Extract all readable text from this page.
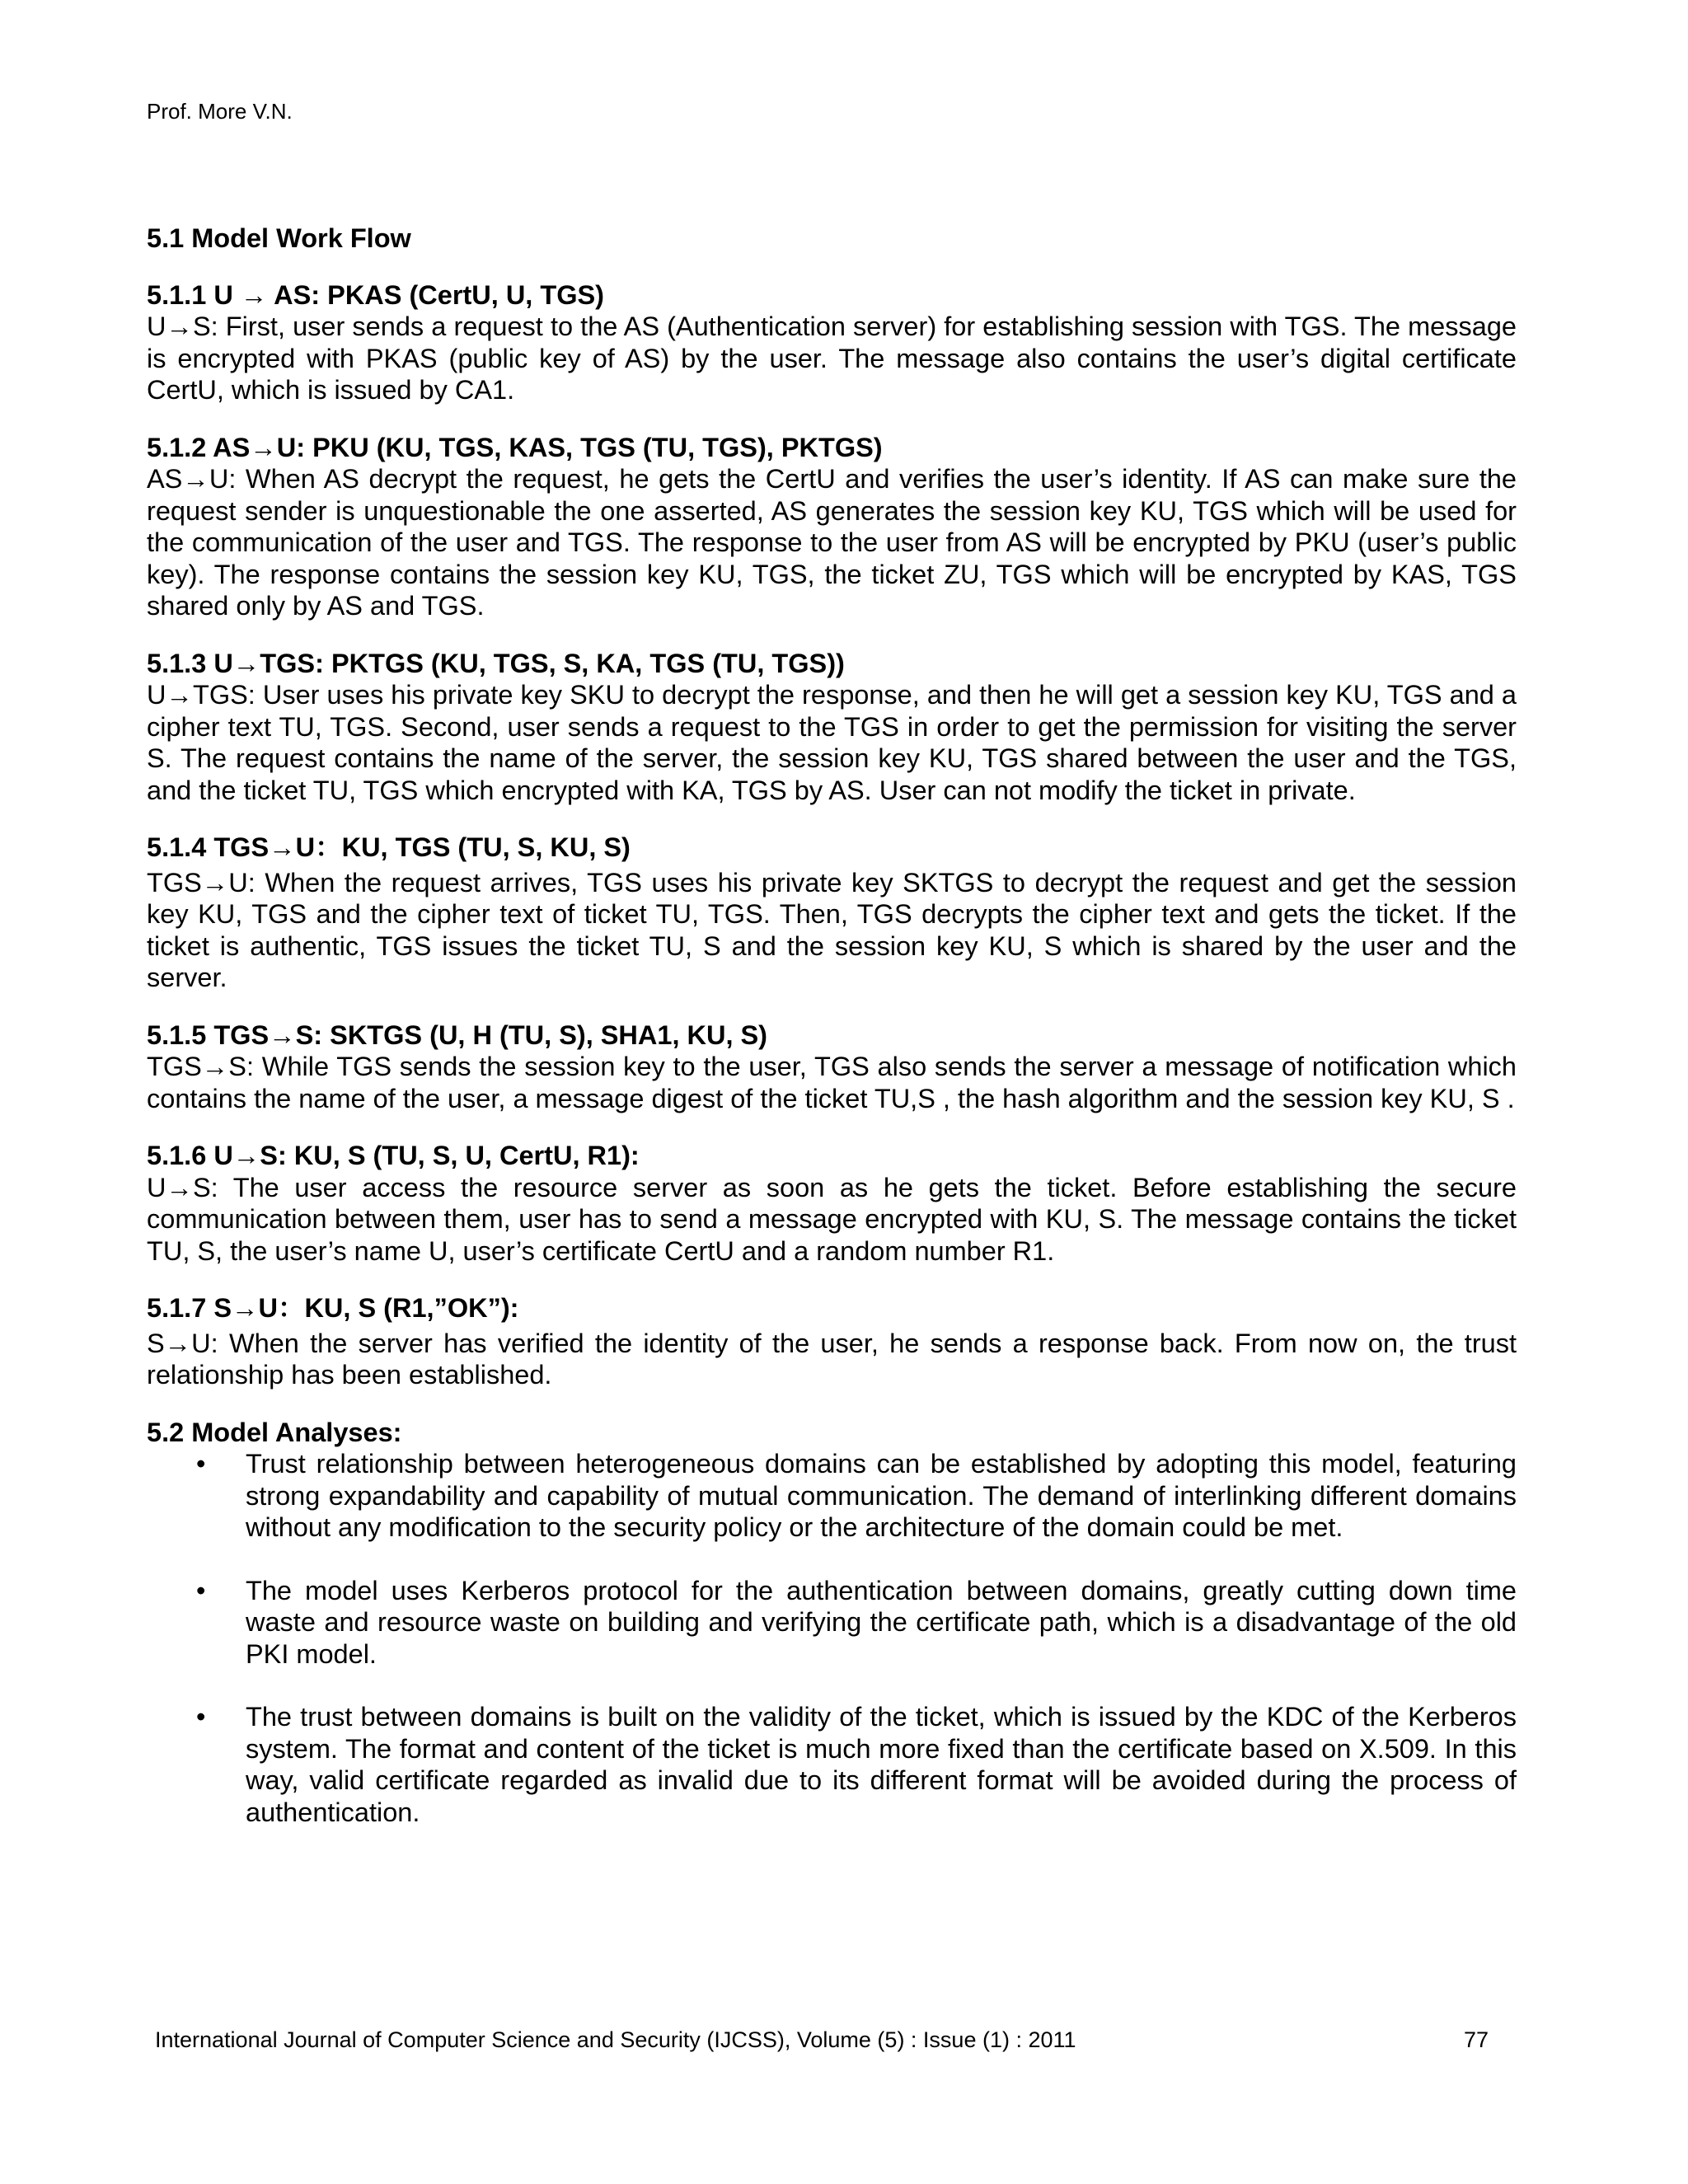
Prof. More V.N.
5.1 Model Work Flow
5.1.1 U → AS: PKAS (CertU, U, TGS)

U→S: First, user sends a request to the AS (Authentication server) for establishing session with TGS. The message is encrypted with PKAS (public key of AS) by the user. The message also contains the user’s digital certificate CertU, which is issued by CA1.

5.1.2 AS→U: PKU (KU, TGS, KAS, TGS (TU, TGS), PKTGS)

AS→U: When AS decrypt the request, he gets the CertU and verifies the user’s identity. If AS can make sure the request sender is unquestionable the one asserted, AS generates the session key KU, TGS which will be used for the communication of the user and TGS. The response to the user from AS will be encrypted by PKU (user’s public key). The response contains the session key KU, TGS, the ticket ZU, TGS which will be encrypted by KAS, TGS shared only by AS and TGS.

5.1.3 U→TGS: PKTGS (KU, TGS, S, KA, TGS (TU, TGS))

U→TGS: User uses his private key SKU to decrypt the response, and then he will get a session key KU, TGS and a cipher text TU, TGS. Second, user sends a request to the TGS in order to get the permission for visiting the server S. The request contains the name of the server, the session key KU, TGS shared between the user and the TGS, and the ticket TU, TGS which encrypted with KA, TGS by AS. User can not modify the ticket in private.

5.1.4 TGS→U：KU, TGS (TU, S, KU, S)

TGS→U: When the request arrives, TGS uses his private key SKTGS to decrypt the request and get the session key KU, TGS and the cipher text of ticket TU, TGS. Then, TGS decrypts the cipher text and gets the ticket. If the ticket is authentic, TGS issues the ticket TU, S and the session key KU, S which is shared by the user and the server.

5.1.5 TGS→S: SKTGS (U, H (TU, S), SHA1, KU, S)

TGS→S: While TGS sends the session key to the user, TGS also sends the server a message of notification which contains the name of the user, a message digest of the ticket TU,S , the hash algorithm and the session key KU, S .

5.1.6 U→S: KU, S (TU, S, U, CertU, R1):

U→S: The user access the resource server as soon as he gets the ticket. Before establishing the secure communication between them, user has to send a message encrypted with KU, S. The message contains the ticket TU, S, the user’s name U, user’s certificate CertU and a random number R1.

5.1.7 S→U：KU, S (R1,”OK”):

S→U: When the server has verified the identity of the user, he sends a response back. From now on, the trust relationship has been established.

5.2 Model Analyses:
• Trust relationship between heterogeneous domains can be established by adopting this model, featuring strong expandability and capability of mutual communication. The demand of interlinking different domains without any modification to the security policy or the architecture of the domain could be met.
• The model uses Kerberos protocol for the authentication between domains, greatly cutting down time waste and resource waste on building and verifying the certificate path, which is a disadvantage of the old PKI model.
• The trust between domains is built on the validity of the ticket, which is issued by the KDC of the Kerberos system. The format and content of the ticket is much more fixed than the certificate based on X.509. In this way, valid certificate regarded as invalid due to its different format will be avoided during the process of authentication.
International Journal of Computer Science and Security (IJCSS), Volume (5) : Issue (1) : 2011	77
